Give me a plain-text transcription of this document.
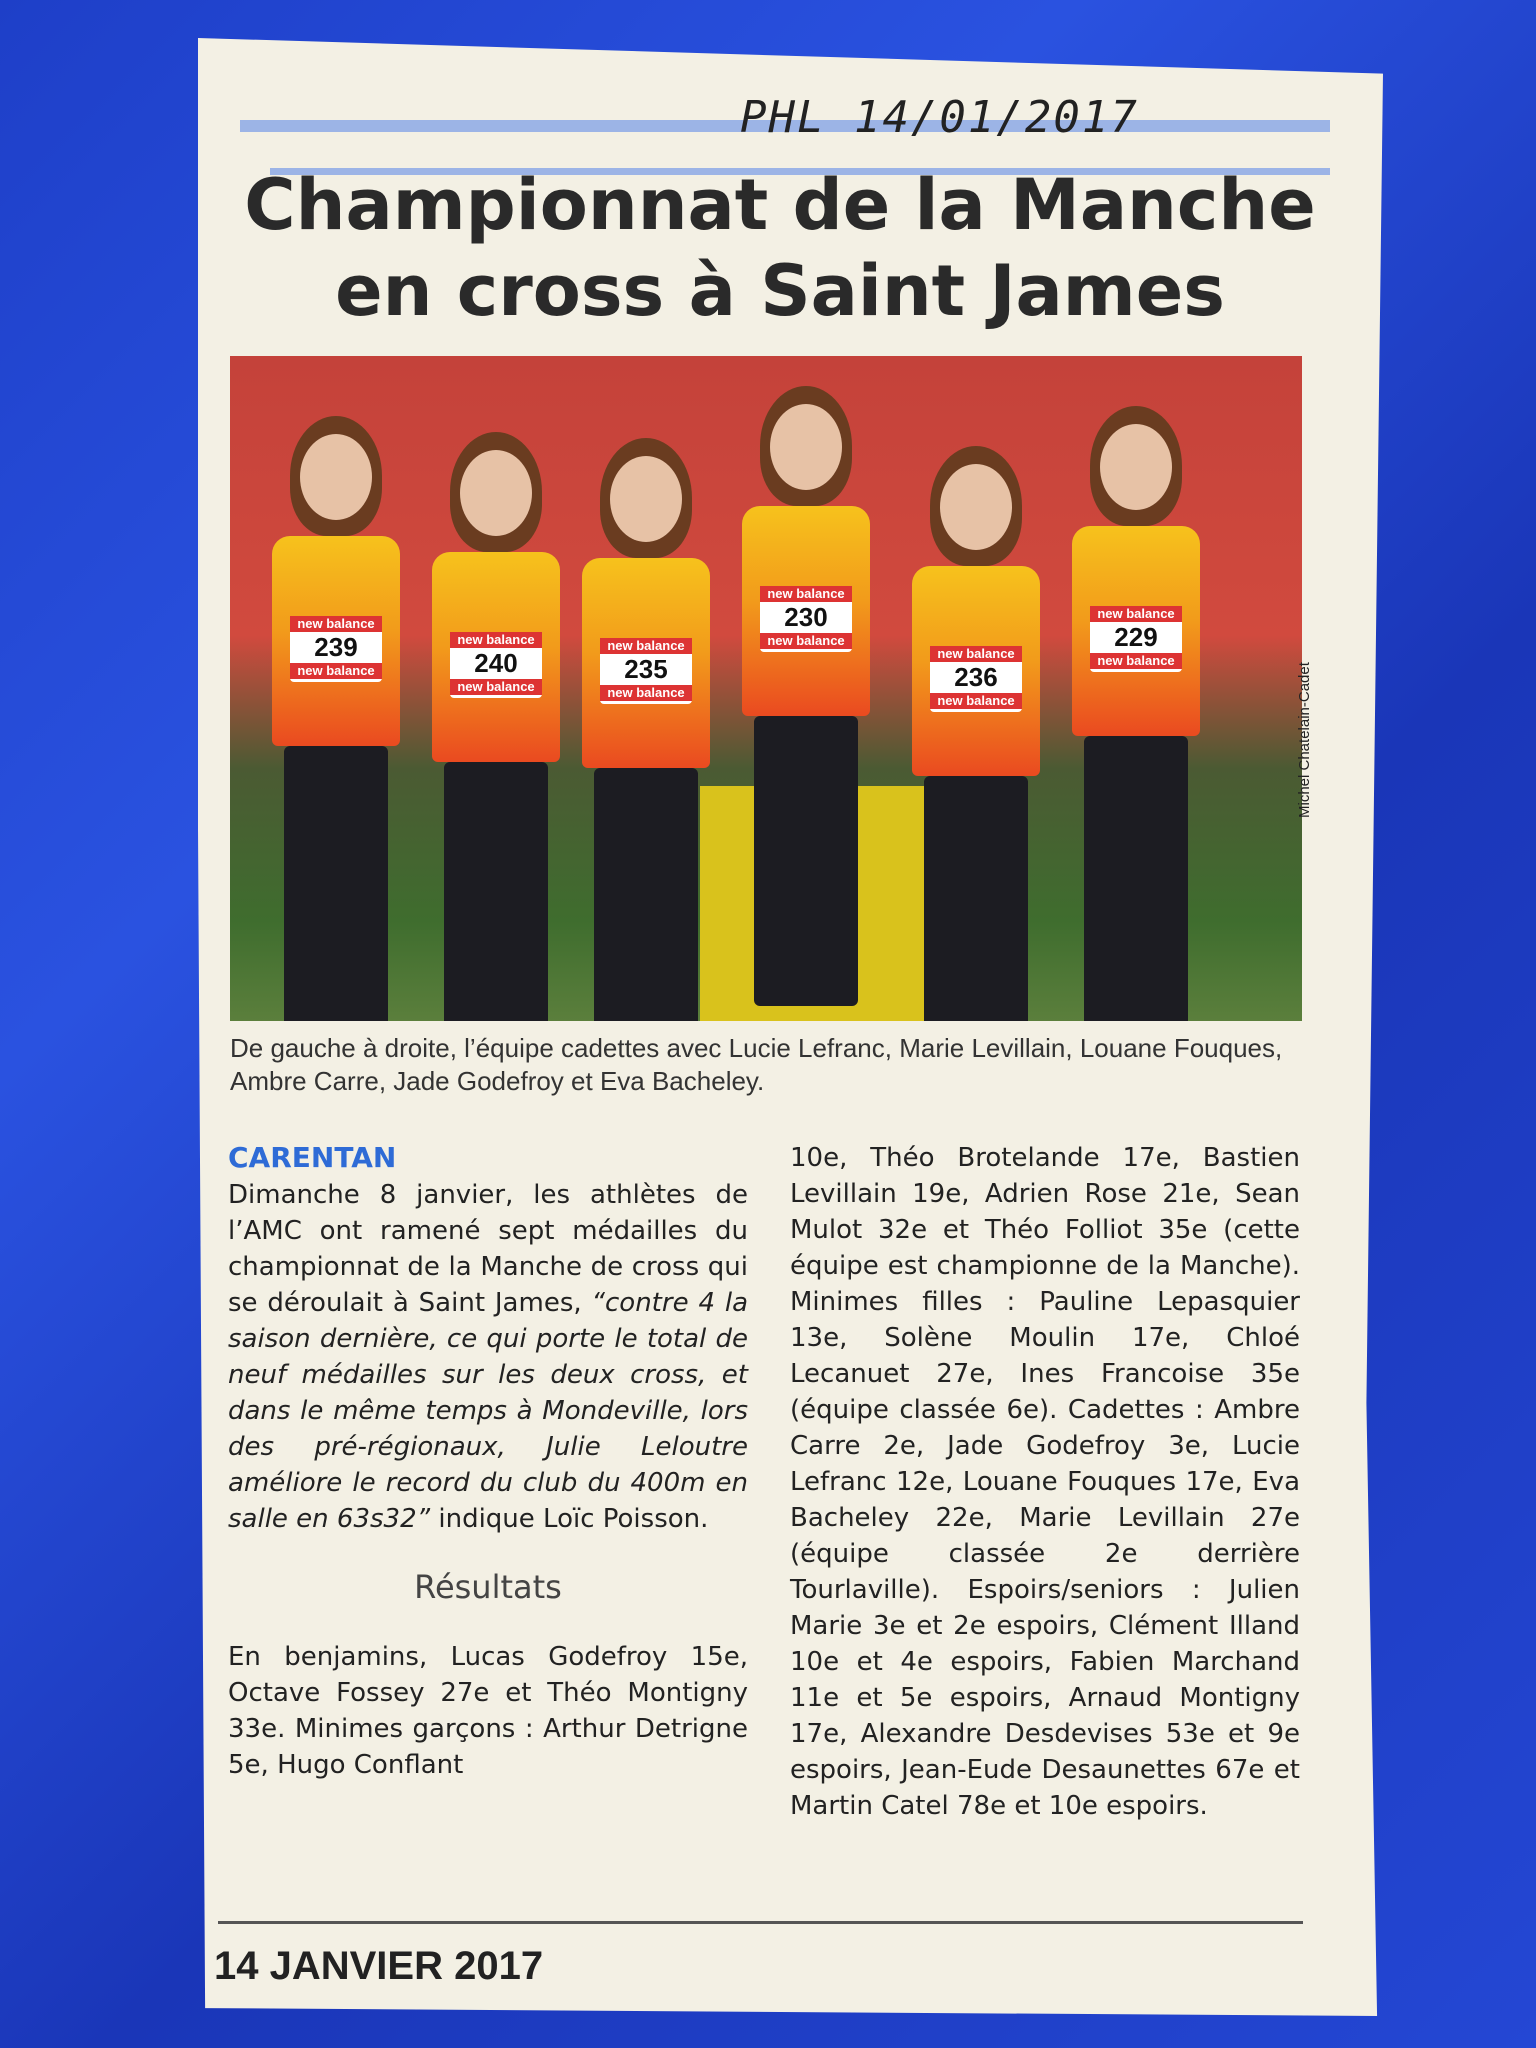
PHL 14/01/2017
Championnat de la Manche
en cross à Saint James
new balance
239
new balance
new balance
240
new balance
new balance
235
new balance
new balance
230
new balance
new balance
236
new balance
new balance
229
new balance
Michel Chatelain-Cadet

De gauche à droite, l’équipe cadettes avec Lucie Lefranc, Marie Levillain, Louane Fouques, Ambre Carre, Jade Godefroy et Eva Bacheley.

CARENTAN
Dimanche 8 janvier, les athlètes de l’AMC ont ramené sept médailles du championnat de la Manche de cross qui se déroulait à Saint James, “contre 4 la saison dernière, ce qui porte le total de neuf médailles sur les deux cross, et dans le même temps à Mondeville, lors des pré-régionaux, Julie Leloutre améliore le record du club du 400m en salle en 63s32” indique Loïc Poisson.

Résultats

En benjamins, Lucas Godefroy 15e, Octave Fossey 27e et Théo Montigny 33e. Minimes garçons : Arthur Detrigne 5e, Hugo Conflant

10e, Théo Brotelande 17e, Bastien Levillain 19e, Adrien Rose 21e, Sean Mulot 32e et Théo Folliot 35e (cette équipe est championne de la Manche). Minimes filles : Pauline Lepasquier 13e, Solène Moulin 17e, Chloé Lecanuet 27e, Ines Francoise 35e (équipe classée 6e). Cadettes : Ambre Carre 2e, Jade Godefroy 3e, Lucie Lefranc 12e, Louane Fouques 17e, Eva Bacheley 22e, Marie Levillain 27e (équipe classée 2e derrière Tourlaville). Espoirs/seniors : Julien Marie 3e et 2e espoirs, Clément Illand 10e et 4e espoirs, Fabien Marchand 11e et 5e espoirs, Arnaud Montigny 17e, Alexandre Desdevises 53e et 9e espoirs, Jean-Eude Desaunettes 67e et Martin Catel 78e et 10e espoirs.

14 JANVIER 2017
